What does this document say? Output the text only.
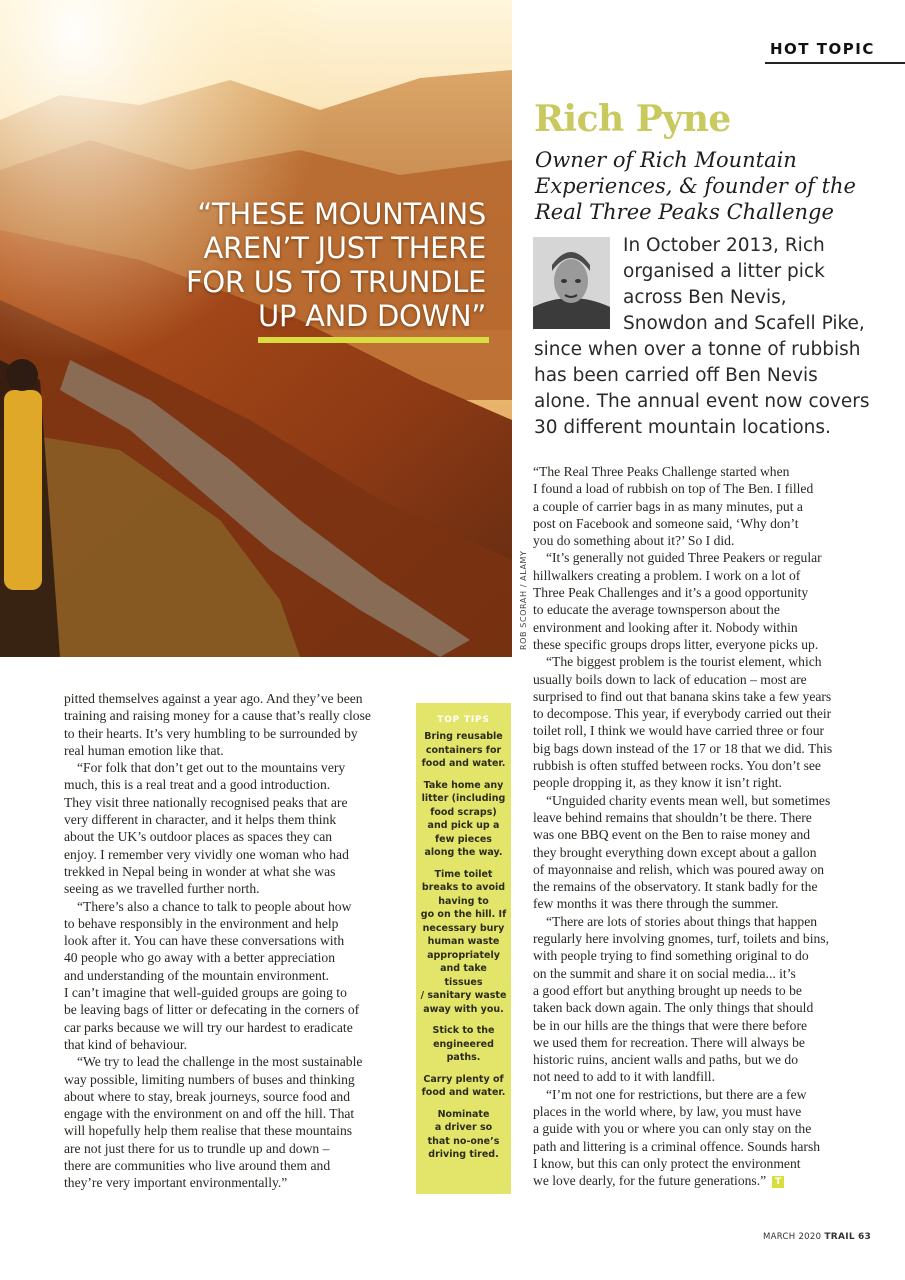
HOT TOPIC
“THESE MOUNTAINS
AREN’T JUST THERE
FOR US TO TRUNDLE
UP AND DOWN”
ROB SCORAH / ALAMY
Rich Pyne
Owner of Rich Mountain
Experiences, & founder of the
Real Three Peaks Challenge
In October 2013, Rich
organised a litter pick
across Ben Nevis,
Snowdon and Scafell Pike,
since when over a tonne of rubbish
has been carried off Ben Nevis
alone. The annual event now covers
30 different mountain locations.

“The Real Three Peaks Challenge started when
I found a load of rubbish on top of The Ben. I filled
a couple of carrier bags in as many minutes, put a
post on Facebook and someone said, ‘Why don’t
you do something about it?’ So I did.

“It’s generally not guided Three Peakers or regular
hillwalkers creating a problem. I work on a lot of
Three Peak Challenges and it’s a good opportunity
to educate the average townsperson about the
environment and looking after it. Nobody within
these specific groups drops litter, everyone picks up.

“The biggest problem is the tourist element, which
usually boils down to lack of education – most are
surprised to find out that banana skins take a few years
to decompose. This year, if everybody carried out their
toilet roll, I think we would have carried three or four
big bags down instead of the 17 or 18 that we did. This
rubbish is often stuffed between rocks. You don’t see
people dropping it, as they know it isn’t right.

“Unguided charity events mean well, but sometimes
leave behind remains that shouldn’t be there. There
was one BBQ event on the Ben to raise money and
they brought everything down except about a gallon
of mayonnaise and relish, which was poured away on
the remains of the observatory. It stank badly for the
few months it was there through the summer.

“There are lots of stories about things that happen
regularly here involving gnomes, turf, toilets and bins,
with people trying to find something original to do
on the summit and share it on social media... it’s
a good effort but anything brought up needs to be
taken back down again. The only things that should
be in our hills are the things that were there before
we used them for recreation. There will always be
historic ruins, ancient walls and paths, but we do
not need to add to it with landfill.

“I’m not one for restrictions, but there are a few
places in the world where, by law, you must have
a guide with you or where you can only stay on the
path and littering is a criminal offence. Sounds harsh
I know, but this can only protect the environment
we love dearly, for the future generations.” T

pitted themselves against a year ago. And they’ve been
training and raising money for a cause that’s really close
to their hearts. It’s very humbling to be surrounded by
real human emotion like that.

“For folk that don’t get out to the mountains very
much, this is a real treat and a good introduction.
They visit three nationally recognised peaks that are
very different in character, and it helps them think
about the UK’s outdoor places as spaces they can
enjoy. I remember very vividly one woman who had
trekked in Nepal being in wonder at what she was
seeing as we travelled further north.

“There’s also a chance to talk to people about how
to behave responsibly in the environment and help
look after it. You can have these conversations with
40 people who go away with a better appreciation
and understanding of the mountain environment.
I can’t imagine that well-guided groups are going to
be leaving bags of litter or defecating in the corners of
car parks because we will try our hardest to eradicate
that kind of behaviour.

“We try to lead the challenge in the most sustainable
way possible, limiting numbers of buses and thinking
about where to stay, break journeys, source food and
engage with the environment on and off the hill. That
will hopefully help them realise that these mountains
are not just there for us to trundle up and down –
there are communities who live around them and
they’re very important environmentally.”

TOP TIPS
Bring reusable
containers for
food and water.
Take home any
litter (including
food scraps)
and pick up a
few pieces
along the way.
Time toilet
breaks to avoid
having to
go on the hill. If
necessary bury
human waste
appropriately
and take tissues
/ sanitary waste
away with you.
Stick to the
engineered
paths.
Carry plenty of
food and water.
Nominate
a driver so
that no-one’s
driving tired.
MARCH 2020 TRAIL 63
